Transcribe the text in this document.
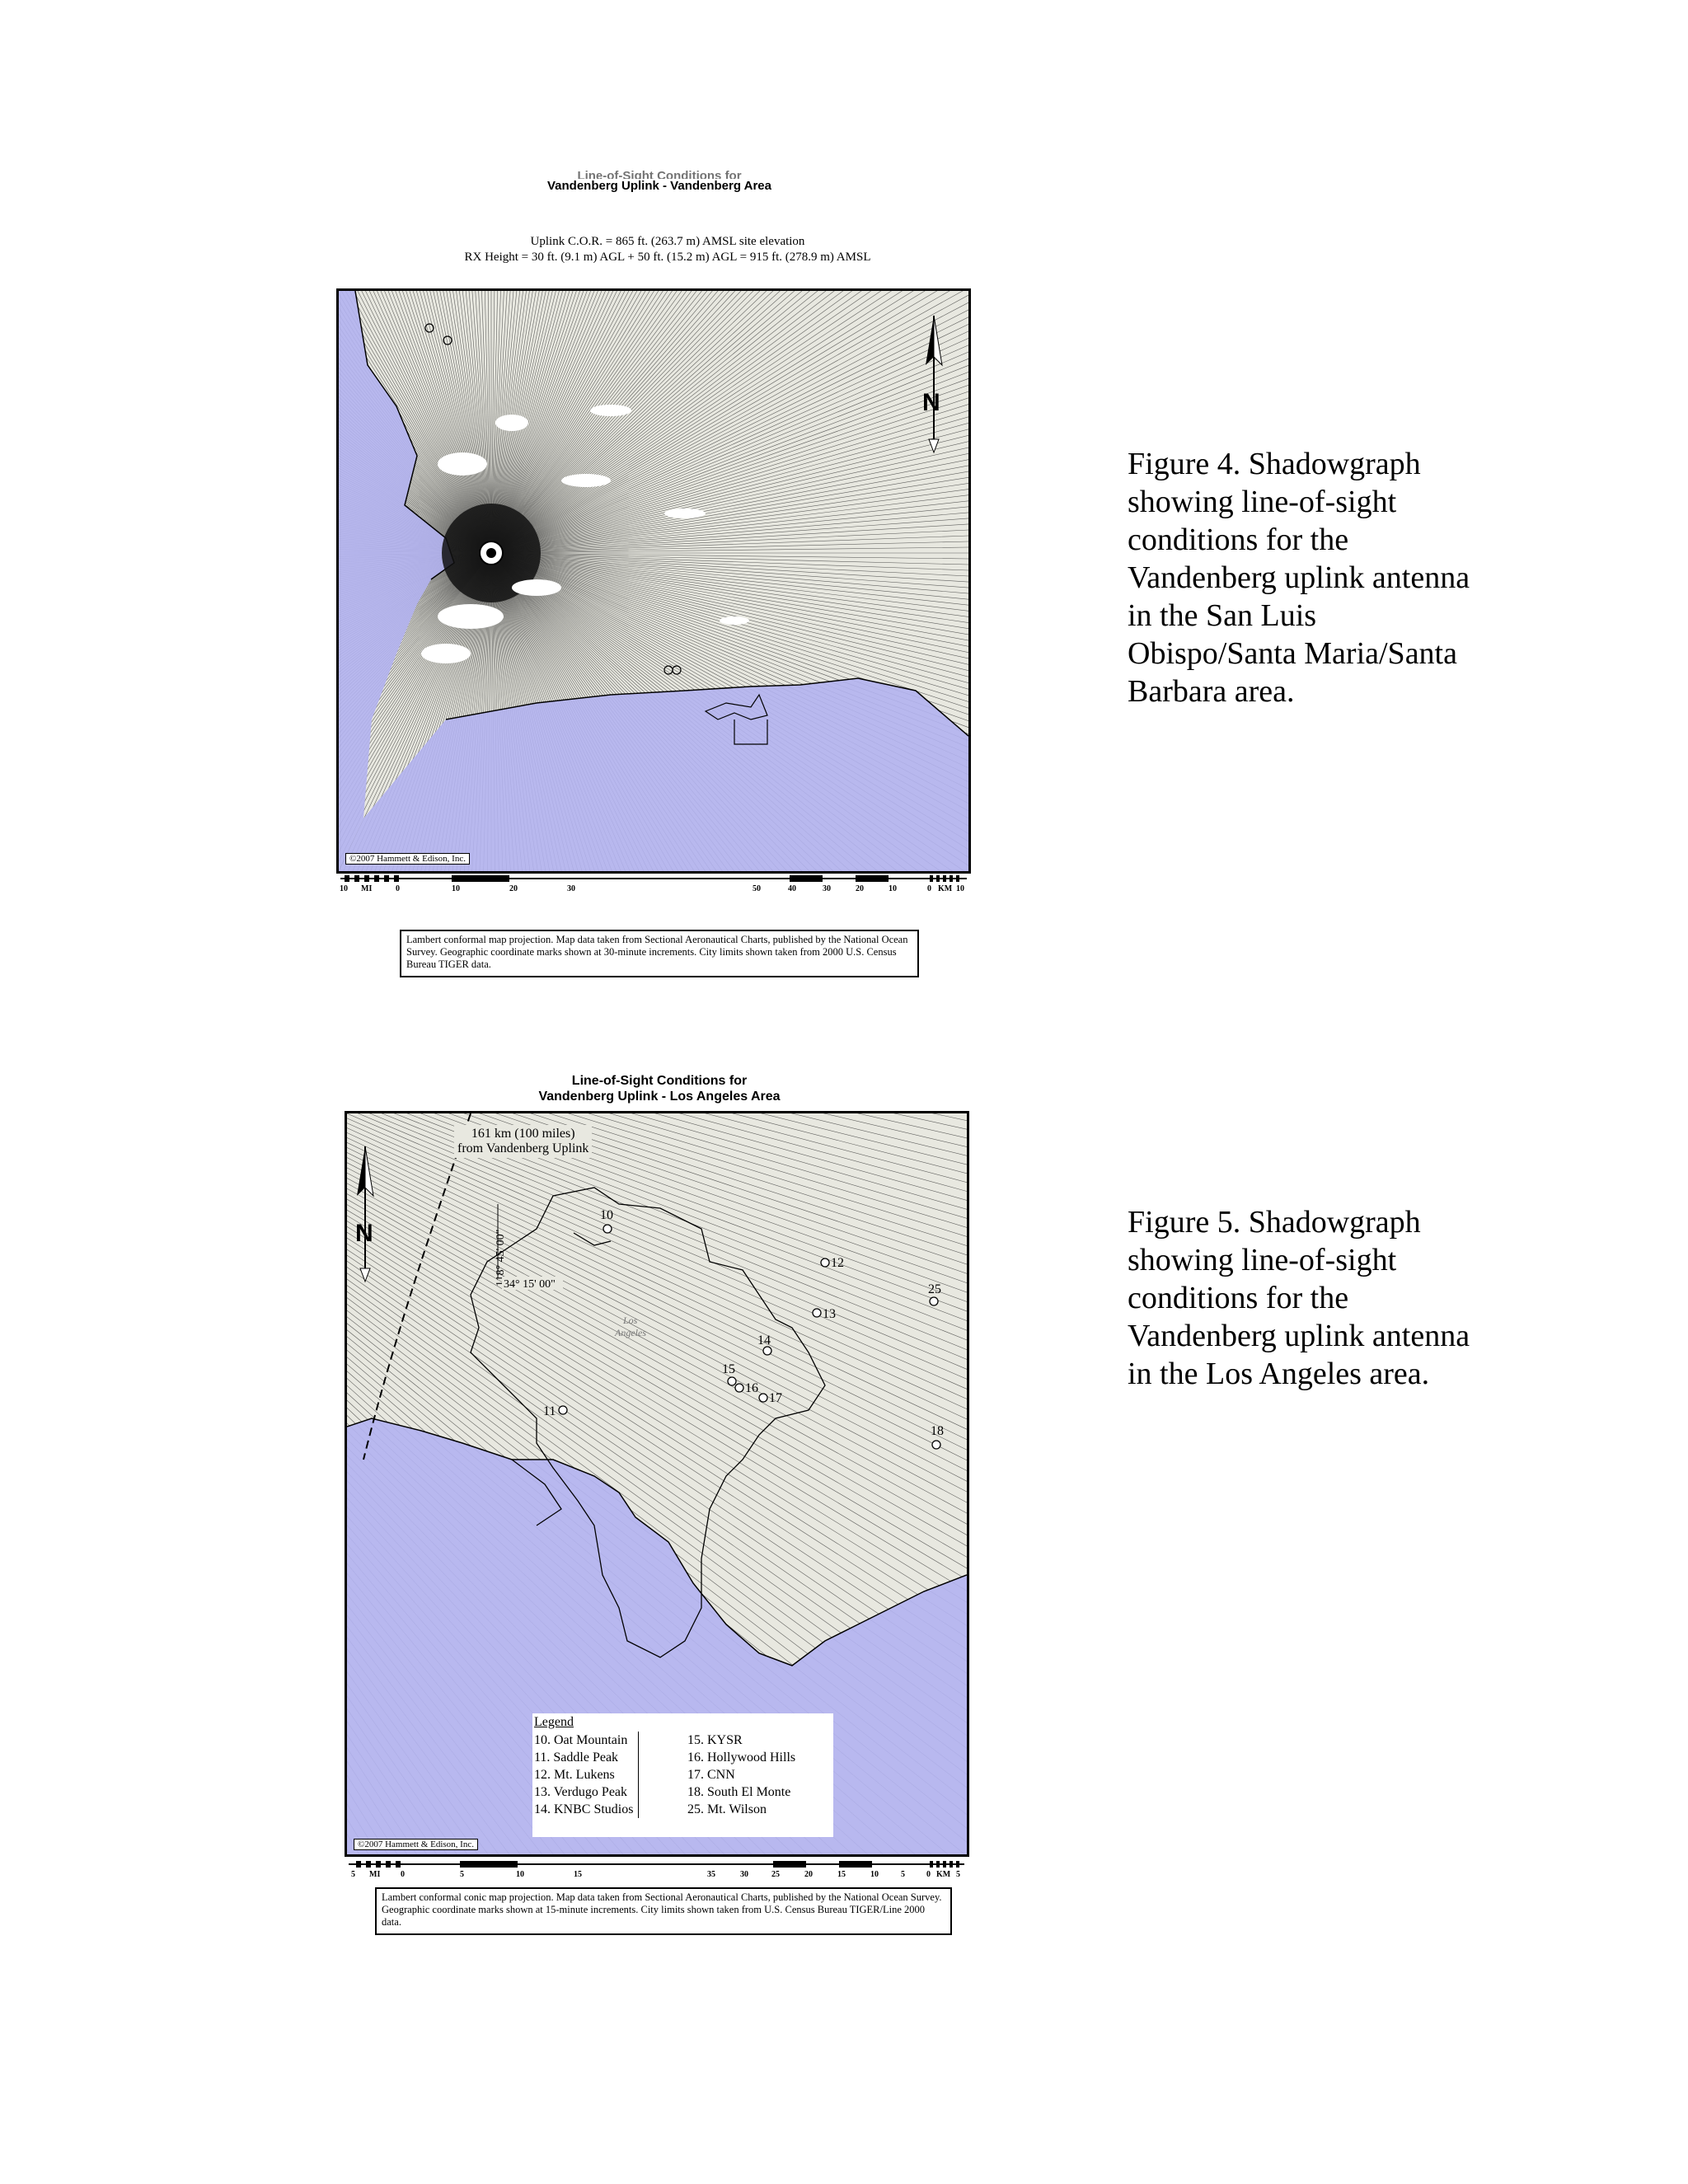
Line-of-Sight Conditions for
Vandenberg Uplink - Vandenberg Area
Uplink C.O.R. = 865 ft. (263.7 m) AMSL site elevation
RX Height = 30 ft. (9.1 m) AGL + 50 ft. (15.2 m) AGL = 915 ft. (278.9 m) AMSL
N
©2007 Hammett & Edison, Inc.
10 MI	0	10	20	30	50	40	30	20	10	0 KM 10
Lambert conformal map projection. Map data taken from Sectional Aeronautical Charts, published by the National Ocean Survey. Geographic coordinate marks shown at 30-minute increments. City limits shown taken from 2000 U.S. Census Bureau TIGER data.
Figure 4. Shadowgraph showing line-of-sight conditions for the Vandenberg uplink antenna in the San Luis Obispo/Santa Maria/Santa Barbara area.
Line-of-Sight Conditions for
Vandenberg Uplink - Los Angeles Area
N	118° 45' 00"
34° 15' 00"
Los
Angeles
10
11
12
13
14
15
16
17
18
25
161 km (100 miles)
from Vandenberg Uplink
Legend
10. Oat Mountain
11. Saddle Peak
12. Mt. Lukens
13. Verdugo Peak
14. KNBC Studios
15. KYSR
16. Hollywood Hills
17. CNN
18. South El Monte
25. Mt. Wilson
©2007 Hammett & Edison, Inc.
5 MI 0	5	10	15	35	30	25	20	15	10	5	0 KM 5
Lambert conformal conic map projection. Map data taken from Sectional Aeronautical Charts, published by the National Ocean Survey. Geographic coordinate marks shown at 15-minute increments. City limits shown taken from U.S. Census Bureau TIGER/Line 2000 data.
Figure 5. Shadowgraph showing line-of-sight conditions for the Vandenberg uplink antenna in the Los Angeles area.
